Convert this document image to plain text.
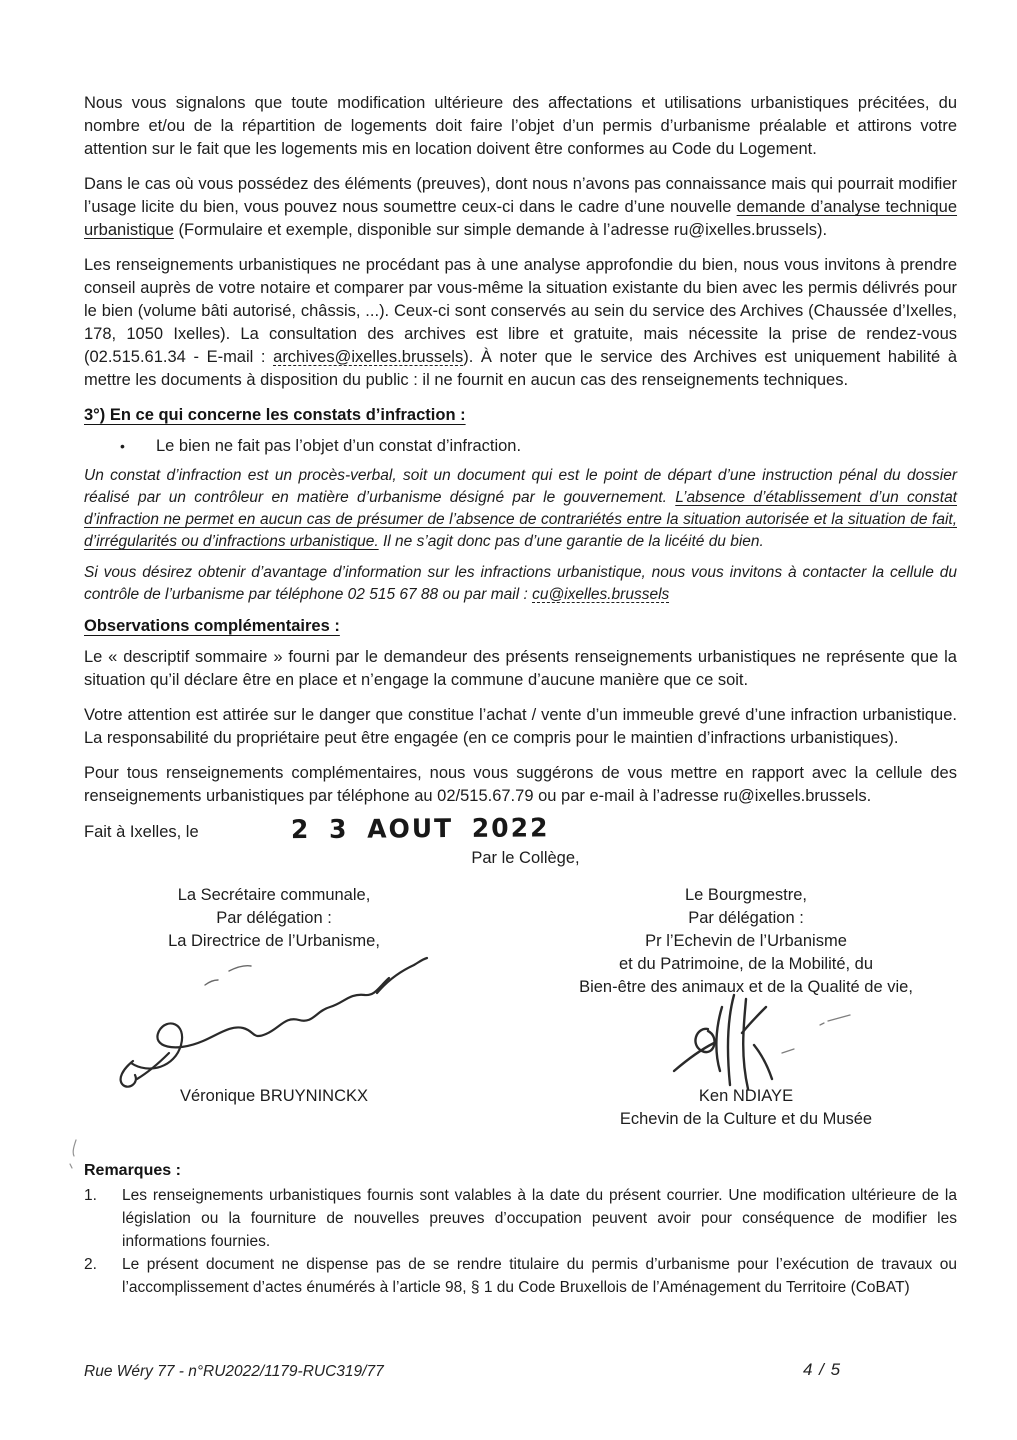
Nous vous signalons que toute modification ultérieure des affectations et utilisations urbanistiques précitées, du nombre et/ou de la répartition de logements doit faire l’objet d’un permis d’urbanisme préalable et attirons votre attention sur le fait que les logements mis en location doivent être conformes au Code du Logement.

Dans le cas où vous possédez des éléments (preuves), dont nous n’avons pas connaissance mais qui pourrait modifier l’usage licite du bien, vous pouvez nous soumettre ceux-ci dans le cadre d’une nouvelle demande d’analyse technique urbanistique (Formulaire et exemple, disponible sur simple demande à l’adresse ru@ixelles.brussels).

Les renseignements urbanistiques ne procédant pas à une analyse approfondie du bien, nous vous invitons à prendre conseil auprès de votre notaire et comparer par vous-même la situation existante du bien avec les permis délivrés pour le bien (volume bâti autorisé, châssis, ...). Ceux-ci sont conservés au sein du service des Archives (Chaussée d’Ixelles, 178, 1050 Ixelles). La consultation des archives est libre et gratuite, mais nécessite la prise de rendez-vous (02.515.61.34 - E-mail : archives@ixelles.brussels). À noter que le service des Archives est uniquement habilité à mettre les documents à disposition du public : il ne fournit en aucun cas des renseignements techniques.

3°) En ce qui concerne les constats d’infraction :
•	Le bien ne fait pas l’objet d’un constat d’infraction.

Un constat d’infraction est un procès-verbal, soit un document qui est le point de départ d’une instruction pénal du dossier réalisé par un contrôleur en matière d’urbanisme désigné par le gouvernement. L’absence d’établissement d’un constat d’infraction ne permet en aucun cas de présumer de l’absence de contrariétés entre la situation autorisée et la situation de fait, d’irrégularités ou d’infractions urbanistique. Il ne s’agit donc pas d’une garantie de la licéité du bien.

Si vous désirez obtenir d’avantage d’information sur les infractions urbanistique, nous vous invitons à contacter la cellule du contrôle de l’urbanisme par téléphone 02 515 67 88 ou par mail : cu@ixelles.brussels

Observations complémentaires :

Le « descriptif sommaire » fourni par le demandeur des présents renseignements urbanistiques ne représente que la situation qu’il déclare être en place et n’engage la commune d’aucune manière que ce soit.

Votre attention est attirée sur le danger que constitue l’achat / vente d’un immeuble grevé d’une infraction urbanistique. La responsabilité du propriétaire peut être engagée (en ce compris pour le maintien d’infractions urbanistiques).

Pour tous renseignements complémentaires, nous vous suggérons de vous mettre en rapport avec la cellule des renseignements urbanistiques par téléphone au 02/515.67.79 ou par e-mail à l’adresse ru@ixelles.brussels.

Fait à Ixelles, le	2 3 AOUT 2022
Par le Collège,
La Secrétaire communale,
Par délégation :
La Directrice de l’Urbanisme,
Véronique BRUYNINCKX
Le Bourgmestre,
Par délégation :
Pr l’Echevin de l’Urbanisme
et du Patrimoine, de la Mobilité, du
Bien-être des animaux et de la Qualité de vie,
Ken NDIAYE
Echevin de la Culture et du Musée
Remarques :
1.	Les renseignements urbanistiques fournis sont valables à la date du présent courrier. Une modification ultérieure de la législation ou la fourniture de nouvelles preuves d’occupation peuvent avoir pour conséquence de modifier les informations fournies.
2.	Le présent document ne dispense pas de se rendre titulaire du permis d’urbanisme pour l’exécution de travaux ou l’accomplissement d’actes énumérés à l’article 98, § 1 du Code Bruxellois de l’Aménagement du Territoire (CoBAT)
Rue Wéry 77 - n°RU2022/1179-RUC319/77	4 / 5
